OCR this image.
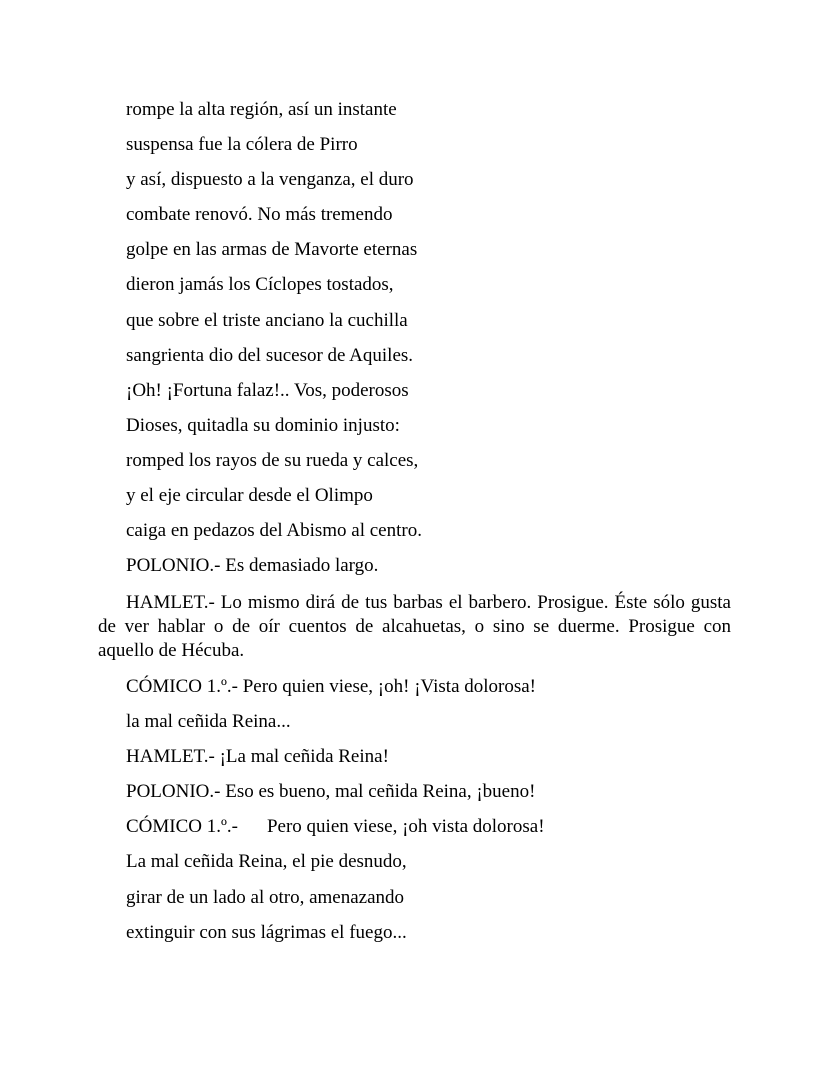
rompe la alta región, así un instante
suspensa fue la cólera de Pirro
y así, dispuesto a la venganza, el duro
combate renovó. No más tremendo
golpe en las armas de Mavorte eternas
dieron jamás los Cíclopes tostados,
que sobre el triste anciano la cuchilla
sangrienta dio del sucesor de Aquiles.
¡Oh! ¡Fortuna falaz!.. Vos, poderosos
Dioses, quitadla su dominio injusto:
romped los rayos de su rueda y calces,
y el eje circular desde el Olimpo
caiga en pedazos del Abismo al centro.
POLONIO.- Es demasiado largo.
HAMLET.- Lo mismo dirá de tus barbas el barbero. Prosigue. Éste sólo gusta de ver hablar o de oír cuentos de alcahuetas, o sino se duerme. Prosigue con aquello de Hécuba.
CÓMICO 1.º.- Pero quien viese, ¡oh! ¡Vista dolorosa!
la mal ceñida Reina...
HAMLET.- ¡La mal ceñida Reina!
POLONIO.- Eso es bueno, mal ceñida Reina, ¡bueno!
CÓMICO 1.º.- Pero quien viese, ¡oh vista dolorosa!
La mal ceñida Reina, el pie desnudo,
girar de un lado al otro, amenazando
extinguir con sus lágrimas el fuego...
